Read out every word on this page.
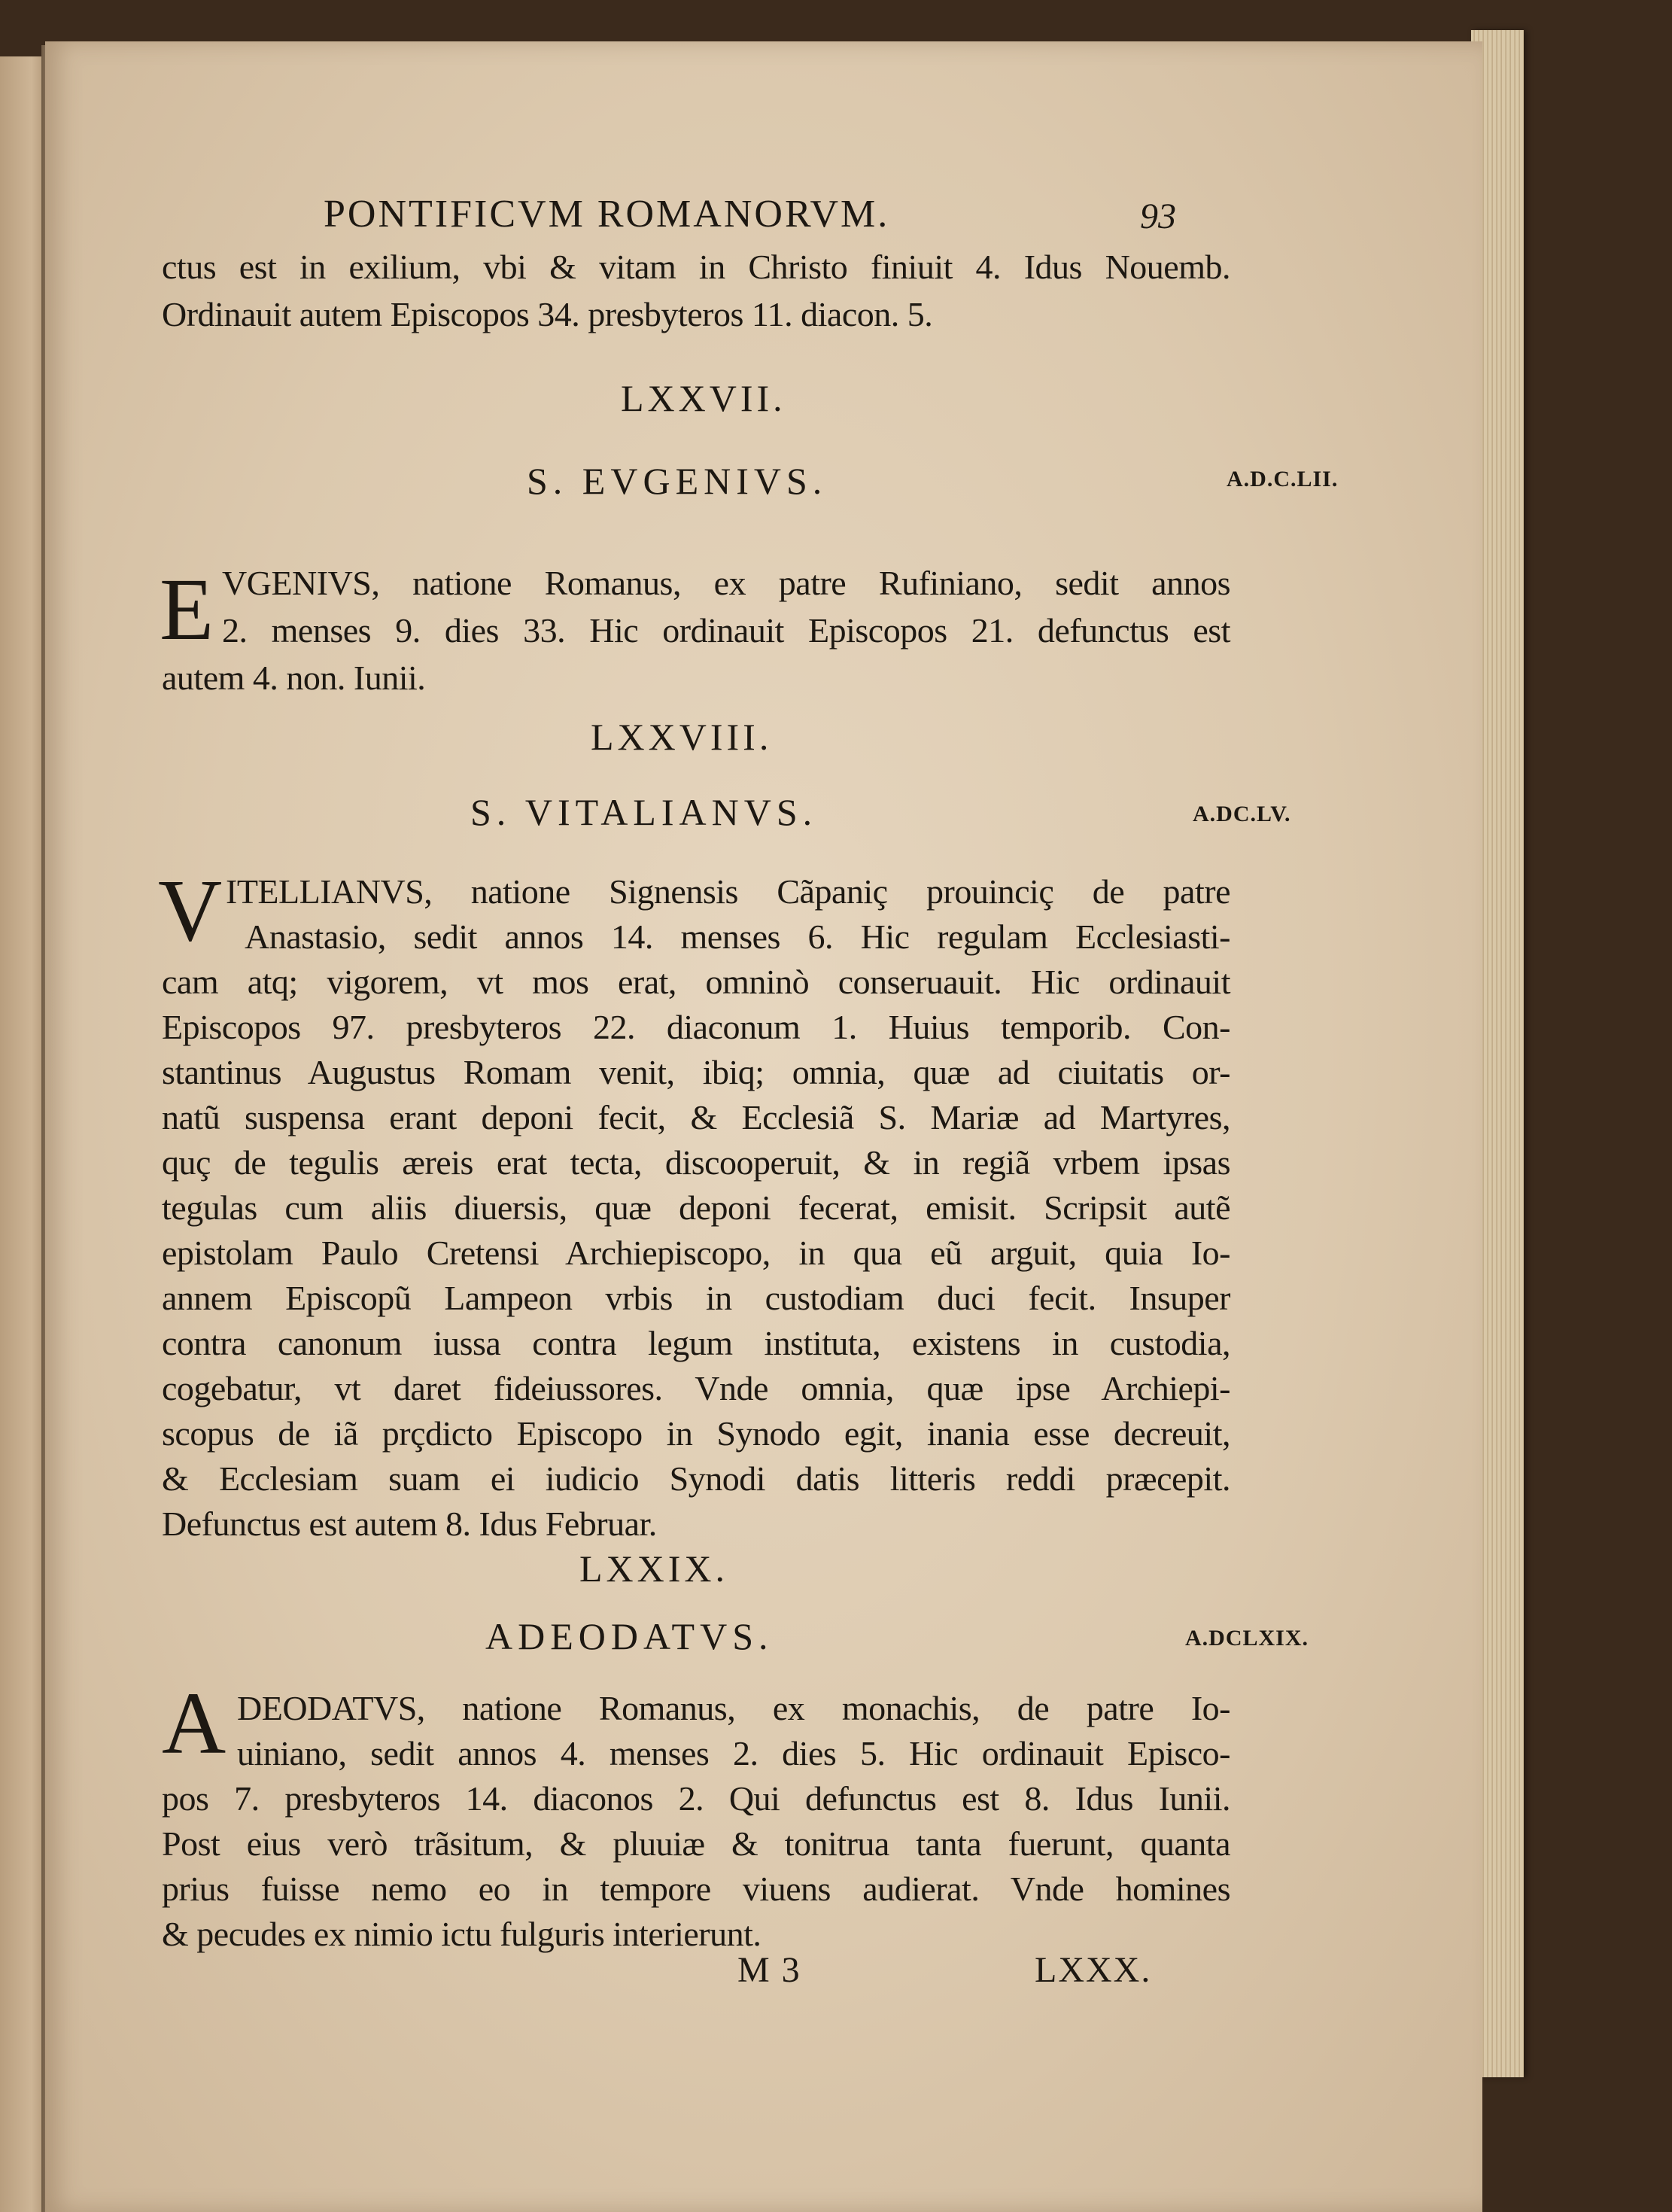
PONTIFICVM ROMANORVM.	93
ctus est in exilium, vbi & vitam in Christo finiuit 4. Idus Nouemb.
Ordinauit autem Episcopos 34. presbyteros 11. diacon. 5.
LXXVII.
S. EVGENIVS.	A.D.C.LII.
E VGENIVS, natione Romanus, ex patre Rufiniano, sedit annos
2. menses 9. dies 33. Hic ordinauit Episcopos 21. defunctus est
autem 4. non. Iunii.
LXXVIII.
S. VITALIANVS.	A.DC.LV.
V ITELLIANVS, natione Signensis Cãpaniç prouinciç de patre
Anastasio, sedit annos 14. menses 6. Hic regulam Ecclesiasti-
cam atq; vigorem, vt mos erat, omninò conseruauit. Hic ordinauit
Episcopos 97. presbyteros 22. diaconum 1. Huius temporib. Con-
stantinus Augustus Romam venit, ibiq; omnia, quæ ad ciuitatis or-
natũ suspensa erant deponi fecit, & Ecclesiã S. Mariæ ad Martyres,
quç de tegulis æreis erat tecta, discooperuit, & in regiã vrbem ipsas
tegulas cum aliis diuersis, quæ deponi fecerat, emisit. Scripsit autẽ
epistolam Paulo Cretensi Archiepiscopo, in qua eũ arguit, quia Io-
annem Episcopũ Lampeon vrbis in custodiam duci fecit. Insuper
contra canonum iussa contra legum instituta, existens in custodia,
cogebatur, vt daret fideiussores. Vnde omnia, quæ ipse Archiepi-
scopus de iã prçdicto Episcopo in Synodo egit, inania esse decreuit,
& Ecclesiam suam ei iudicio Synodi datis litteris reddi præcepit.
Defunctus est autem 8. Idus Februar.
LXXIX.
ADEODATVS.	A.DCLXIX.
A DEODATVS, natione Romanus, ex monachis, de patre Io-
uiniano, sedit annos 4. menses 2. dies 5. Hic ordinauit Episco-
pos 7. presbyteros 14. diaconos 2. Qui defunctus est 8. Idus Iunii.
Post eius verò trãsitum, & pluuiæ & tonitrua tanta fuerunt, quanta
prius fuisse nemo eo in tempore viuens audierat. Vnde homines
& pecudes ex nimio ictu fulguris interierunt.
M 3	LXXX.
